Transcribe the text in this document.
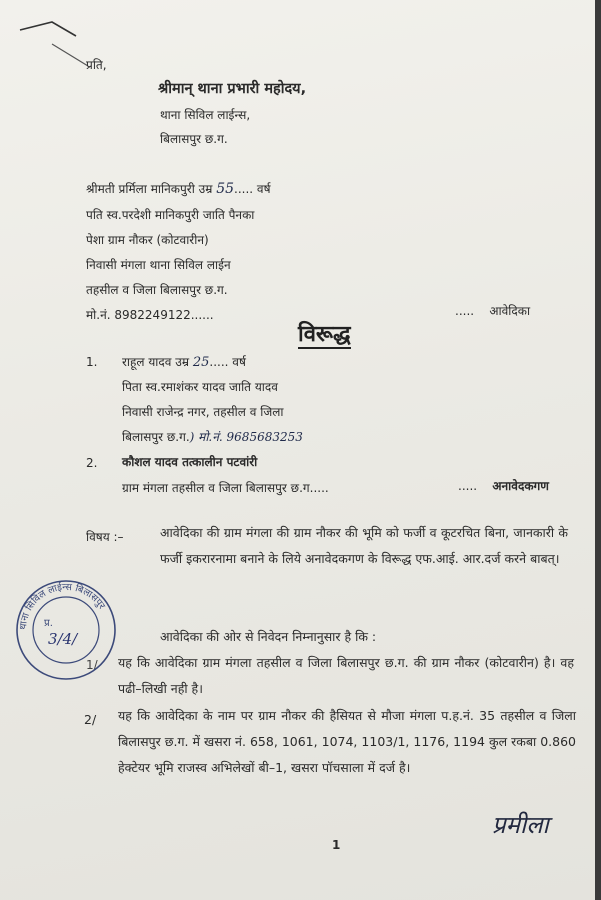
प्रति,
श्रीमान् थाना प्रभारी महोदय,
थाना सिविल लाईन्स,
बिलासपुर छ.ग.
श्रीमती प्रर्मिला मानिकपुरी उम्र 55..... वर्ष
पति स्व.परदेशी मानिकपुरी जाति पैनका
पेशा ग्राम नौकर (कोटवारीन)
निवासी मंगला थाना सिविल लाईन
तहसील व जिला बिलासपुर छ.ग.
मो.नं. 8982249122......	..... आवेदिका
विरूद्ध
1. राहूल यादव उम्र 25..... वर्ष
पिता स्व.रमाशंकर यादव जाति यादव
निवासी राजेन्द्र नगर, तहसील व जिला
बिलासपुर छ.ग.) मो.नं. 9685683253
2. कौशल यादव तत्कालीन पटवांरी
ग्राम मंगला तहसील व जिला बिलासपुर छ.ग.....	..... अनावेदकगण
विषय :–	आवेदिका की ग्राम मंगला की ग्राम नौकर की भूमि को फर्जी व कूटरचित बिना, जानकारी के फर्जी इकरारनामा बनाने के लिये अनावेदकगण के विरूद्ध एफ.आई. आर.दर्ज करने बाबत्।
आवेदिका की ओर से निवेदन निम्नानुसार है कि :
1/ यह कि आवेदिका ग्राम मंगला तहसील व जिला बिलासपुर छ.ग. की ग्राम नौकर (कोटवारीन) है। वह पढी–लिखी नही है।
2/ यह कि आवेदिका के नाम पर ग्राम नौकर की हैसियत से मौजा मंगला प.ह.नं. 35 तहसील व जिला बिलासपुर छ.ग. में खसरा नं. 658, 1061, 1074, 1103/1, 1176, 1194 कुल रकबा 0.860 हेक्टेयर भूमि राजस्व अभिलेखों बी–1, खसरा पॉचसाला में दर्ज है।
थाना सिविल लाईन्स बिलासपुर
प्र.
3/4/
प्रमीला
1
